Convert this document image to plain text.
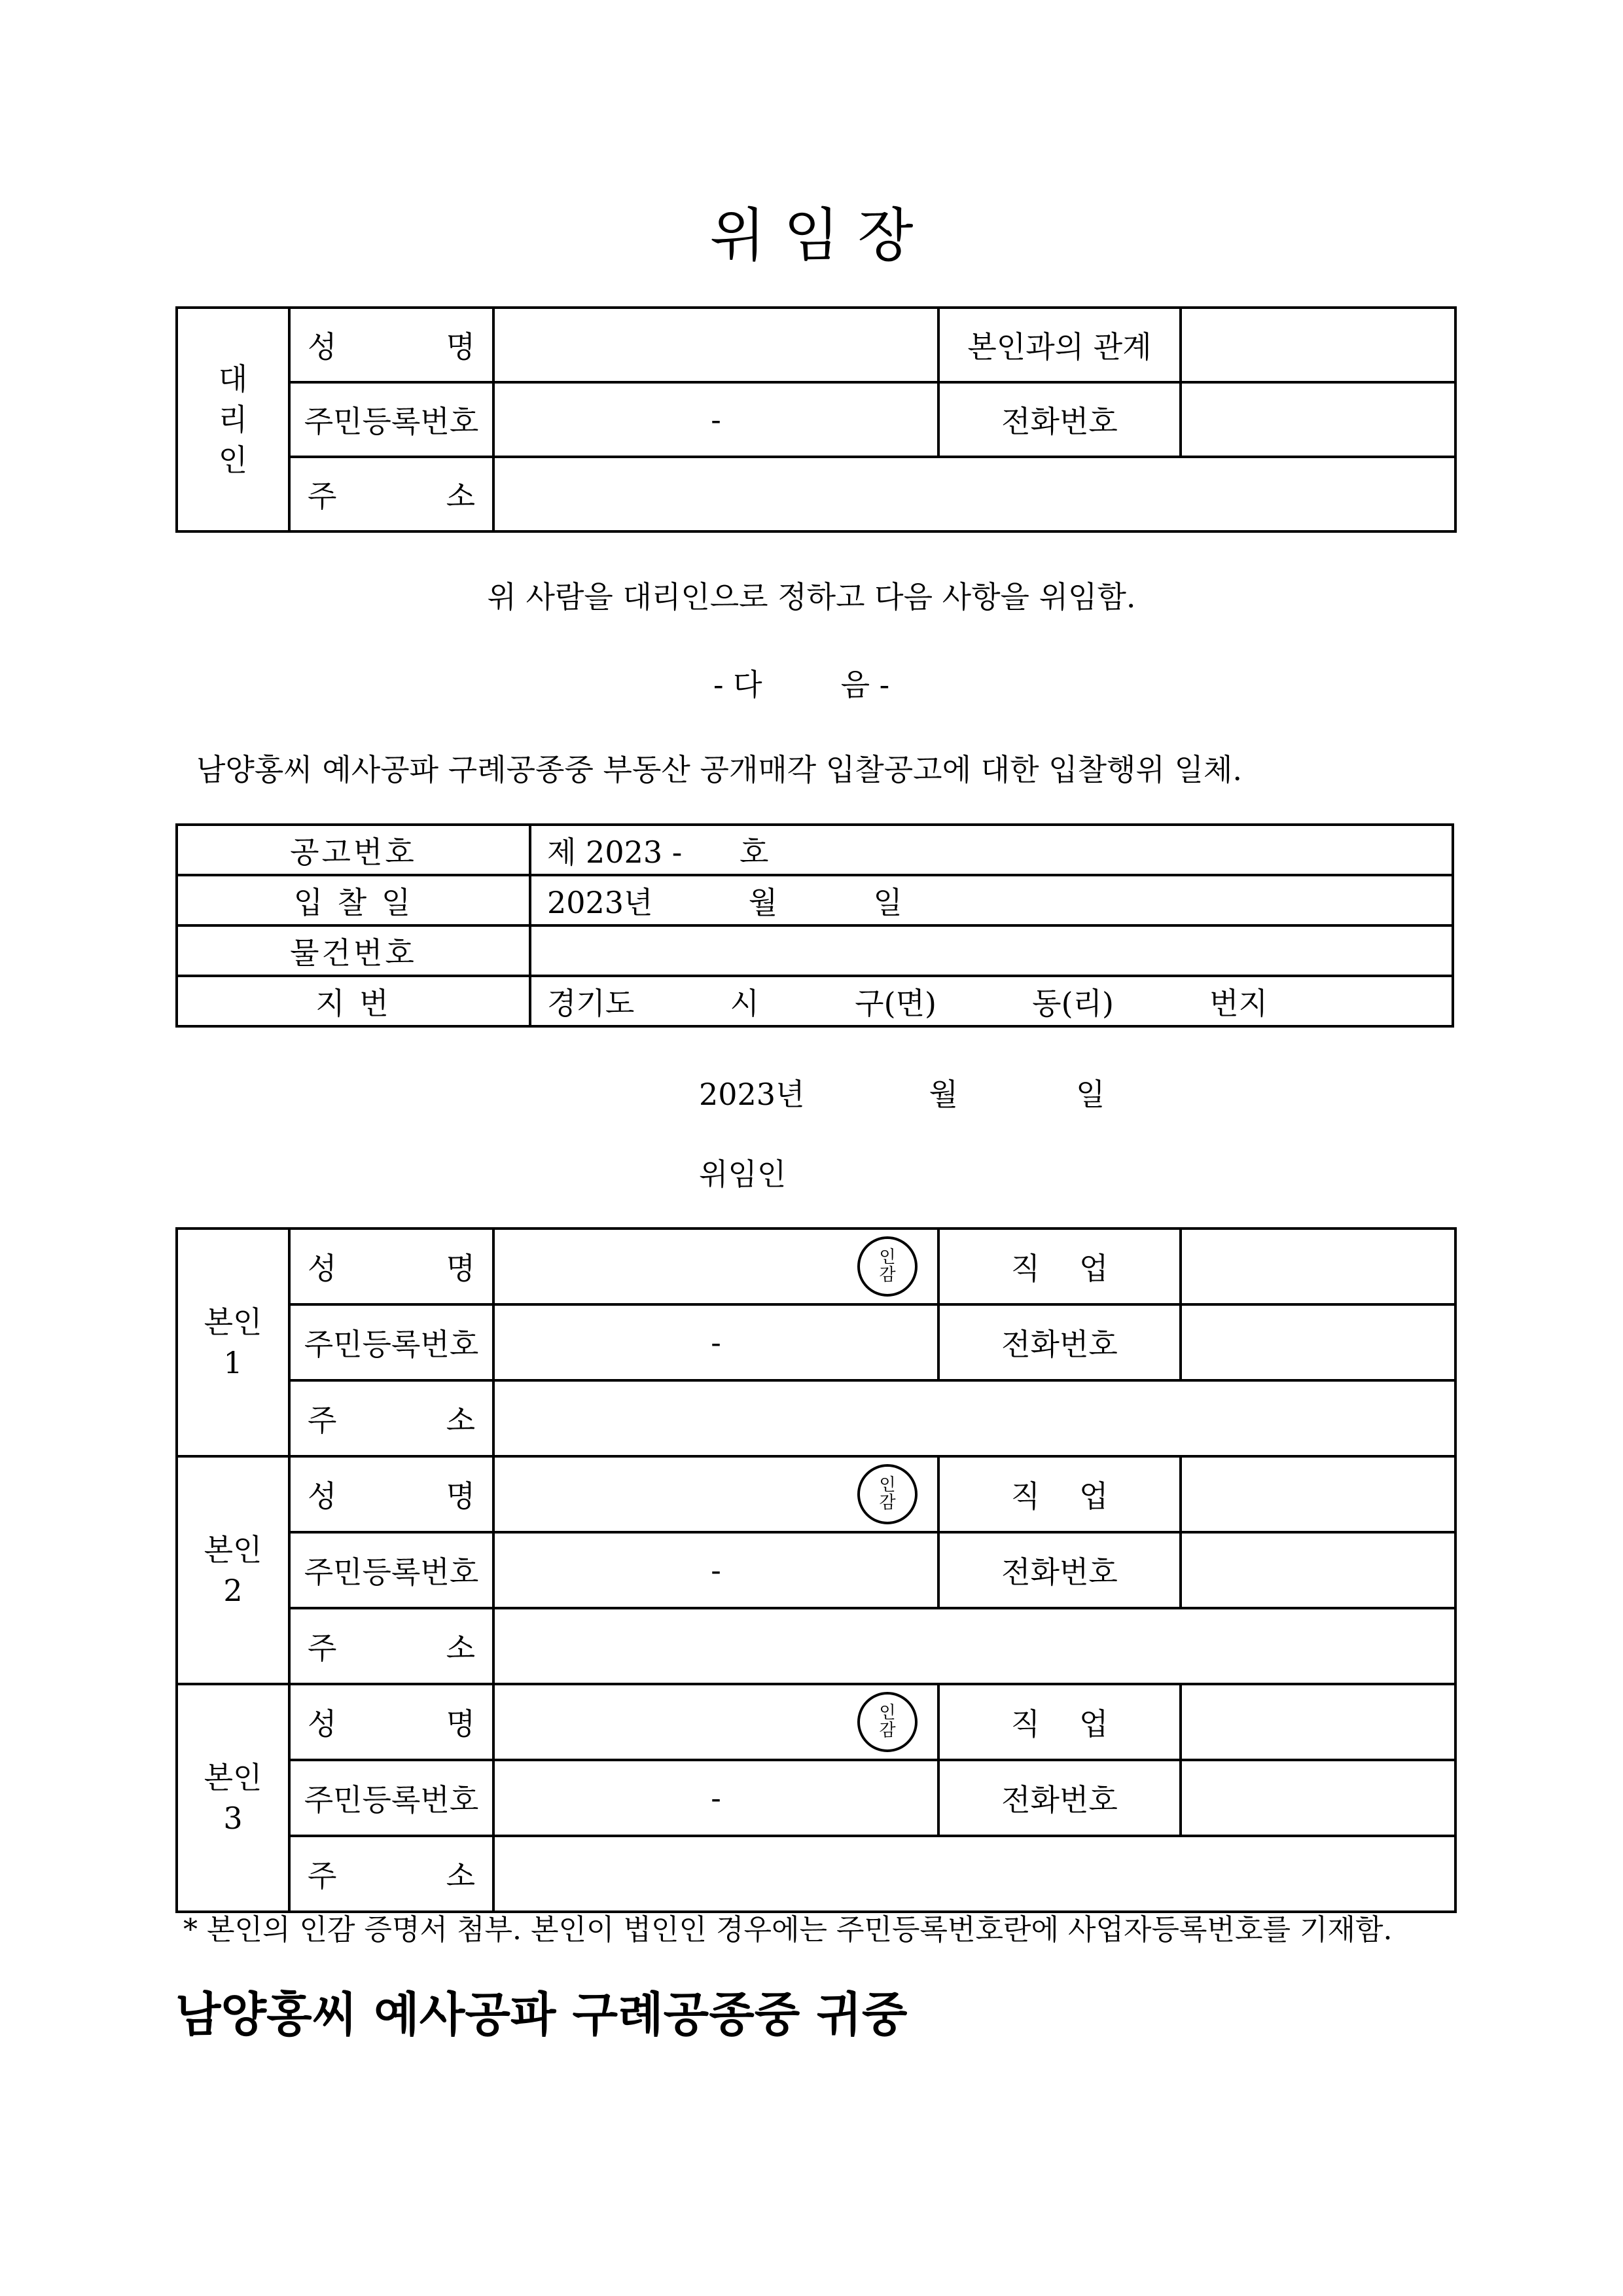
위 임 장
대
리
인	성 명		본인과의 관계	
	주민등록번호	-	전화번호	

	주 소			

위 사람을 대리인으로 정하고 다음 사항을 위임함.
- 다	음 -
남양홍씨 예사공파 구례공종중 부동산 공개매각 입찰공고에 대한 입찰행위 일체.
공고번호	제 2023 -      호
입 찰 일	2023년          월          일
물건번호	
지 번	경기도          시          구(면)          동(리)          번지
2023년	월	일
위임인
본인
1	성 명	인감	직 업	

	주민등록번호	-	전화번호	

	주 소			

본인
2	성 명	인감	직 업	

	주민등록번호	-	전화번호	

	주 소			

본인
3	성 명	인감	직 업	

	주민등록번호	-	전화번호	

	주 소			

* 본인의 인감 증명서 첨부. 본인이 법인인 경우에는 주민등록번호란에 사업자등록번호를 기재함.
남양홍씨 예사공파 구례공종중 귀중
